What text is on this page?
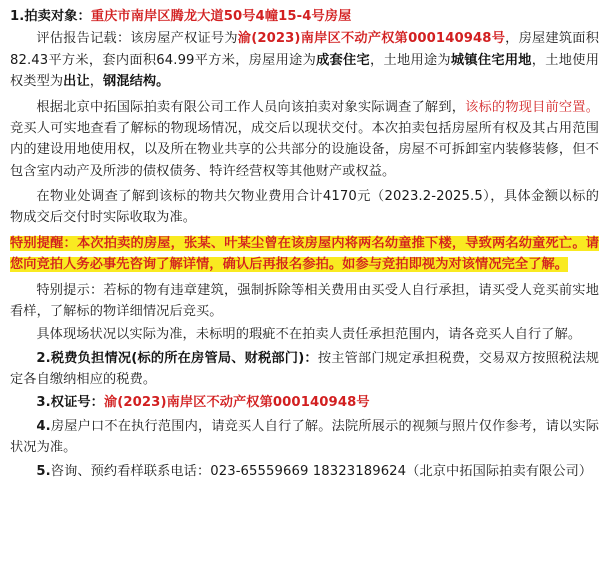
1.拍卖对象：重庆市南岸区腾龙大道50号4幢15-4号房屋

评估报告记载：该房屋产权证号为渝(2023)南岸区不动产权第000140948号，房屋建筑面积82.43平方米，套内面积64.99平方米，房屋用途为成套住宅，土地用途为城镇住宅用地，土地使用权类型为出让，钢混结构。

根据北京中拓国际拍卖有限公司工作人员向该拍卖对象实际调查了解到，该标的物现目前空置。竞买人可实地查看了解标的物现场情况，成交后以现状交付。本次拍卖包括房屋所有权及其占用范围内的建设用地使用权，以及所在物业共享的公共部分的设施设备，房屋不可拆卸室内装修装修，但不包含室内动产及所涉的债权债务、特许经营权等其他财产或权益。

在物业处调查了解到该标的物共欠物业费用合计4170元（2023.2-2025.5），具体金额以标的物成交后交付时实际收取为准。

特别提醒：本次拍卖的房屋，张某、叶某尘曾在该房屋内将两名幼童推下楼，导致两名幼童死亡。请您向竞拍人务必事先咨询了解详情，确认后再报名参拍。如参与竞拍即视为对该情况完全了解。

特别提示：若标的物有违章建筑，强制拆除等相关费用由买受人自行承担，请买受人竞买前实地看样，了解标的物详细情况后竞买。

具体现场状况以实际为准，未标明的瑕疵不在拍卖人责任承担范围内，请各竞买人自行了解。

2.税费负担情况(标的所在房管局、财税部门)：按主管部门规定承担税费，交易双方按照税法规定各自缴纳相应的税费。

3.权证号：渝(2023)南岸区不动产权第000140948号

4.房屋户口不在执行范围内，请竞买人自行了解。法院所展示的视频与照片仅作参考，请以实际状况为准。

5.咨询、预约看样联系电话：023-65559669 18323189624（北京中拓国际拍卖有限公司）
